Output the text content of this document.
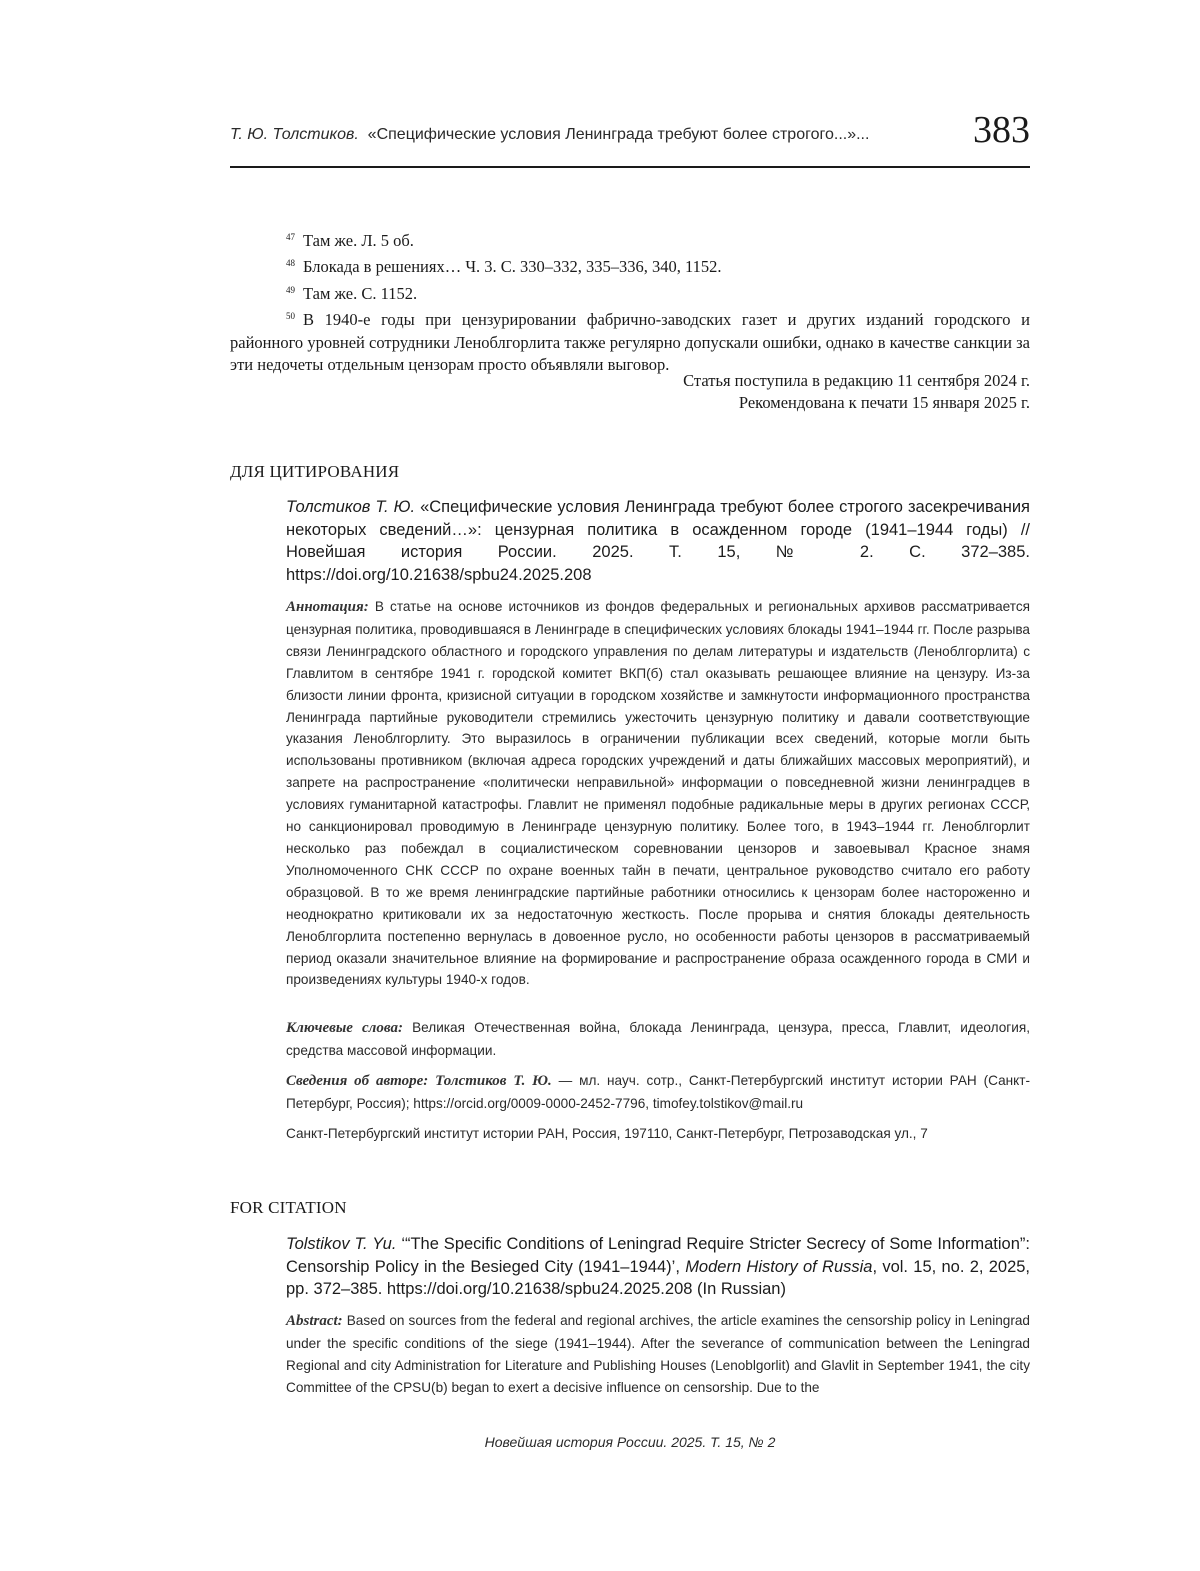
Т. Ю. Толстиков. «Специфические условия Ленинграда требуют более строгого...»...	383

$^{47}$ Там же. Л. 5 об.

$^{48}$ Блокада в решениях… Ч. 3. С. 330–332, 335–336, 340, 1152.

$^{49}$ Там же. С. 1152.

$^{50}$ В 1940-е годы при цензурировании фабрично-заводских газет и других изданий городского и районного уровней сотрудники Леноблгорлита также регулярно допускали ошибки, однако в качестве санкции за эти недочеты отдельным цензорам просто объявляли выговор.

Статья поступила в редакцию 11 сентября 2024 г.
Рекомендована к печати 15 января 2025 г.
ДЛЯ ЦИТИРОВАНИЯ

Толстиков Т. Ю. «Специфические условия Ленинграда требуют более строгого засекречивания некоторых сведений…»: цензурная политика в осажденном городе (1941–1944 годы) // Новейшая история России. 2025. Т. 15, № 2. С. 372–385. https://doi.org/10.21638/spbu24.2025.208

Аннотация: В статье на основе источников из фондов федеральных и региональных архивов рассматривается цензурная политика, проводившаяся в Ленинграде в специфических условиях блокады 1941–1944 гг. После разрыва связи Ленинградского областного и городского управления по делам литературы и издательств (Леноблгорлита) с Главлитом в сентябре 1941 г. городской комитет ВКП(б) стал оказывать решающее влияние на цензуру. Из-за близости линии фронта, кризисной ситуации в городском хозяйстве и замкнутости информационного пространства Ленинграда партийные руководители стремились ужесточить цензурную политику и давали соответствующие указания Леноблгорлиту. Это выразилось в ограничении публикации всех сведений, которые могли быть использованы противником (включая адреса городских учреждений и даты ближайших массовых мероприятий), и запрете на распространение «политически неправильной» информации о повседневной жизни ленинградцев в условиях гуманитарной катастрофы. Главлит не применял подобные радикальные меры в других регионах СССР, но санкционировал проводимую в Ленинграде цензурную политику. Более того, в 1943–1944 гг. Леноблгорлит несколько раз побеждал в социалистическом соревновании цензоров и завоевывал Красное знамя Уполномоченного СНК СССР по охране военных тайн в печати, центральное руководство считало его работу образцовой. В то же время ленинградские партийные работники относились к цензорам более настороженно и неоднократно критиковали их за недостаточную жесткость. После прорыва и снятия блокады деятельность Леноблгорлита постепенно вернулась в довоенное русло, но особенности работы цензоров в рассматриваемый период оказали значительное влияние на формирование и распространение образа осажденного города в СМИ и произведениях культуры 1940-х годов.

Ключевые слова: Великая Отечественная война, блокада Ленинграда, цензура, пресса, Главлит, идеология, средства массовой информации.

Сведения об авторе: Толстиков Т. Ю. — мл. науч. сотр., Санкт-Петербургский институт истории РАН (Санкт-Петербург, Россия); https://orcid.org/0009-0000-2452-7796, timofey.tolstikov@mail.ru

Санкт-Петербургский институт истории РАН, Россия, 197110, Санкт-Петербург, Петрозаводская ул., 7

FOR CITATION

Tolstikov T. Yu. ‘“The Specific Conditions of Leningrad Require Stricter Secrecy of Some Information”: Censorship Policy in the Besieged City (1941–1944)’, Modern History of Russia, vol. 15, no. 2, 2025, pp. 372–385. https://doi.org/10.21638/spbu24.2025.208 (In Russian)

Abstract: Based on sources from the federal and regional archives, the article examines the censorship policy in Leningrad under the specific conditions of the siege (1941–1944). After the severance of communication between the Leningrad Regional and city Administration for Literature and Publishing Houses (Lenoblgorlit) and Glavlit in September 1941, the city Committee of the CPSU(b) began to exert a decisive influence on censorship. Due to the

Новейшая история России. 2025. Т. 15, № 2
